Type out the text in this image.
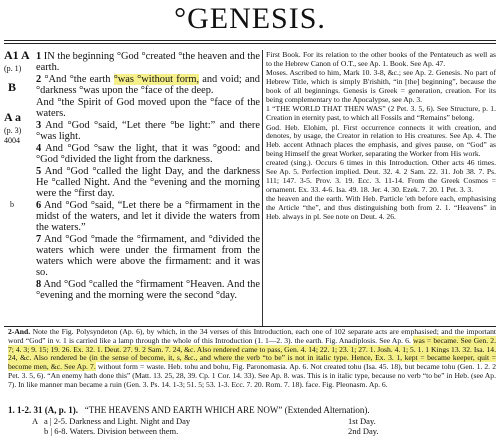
°GENESIS.
A1 A
(p. 1)
B
A a
(p. 3)
4004
b

1 IN the beginning °God °created °the heaven and the earth.

2 °And °the earth °was °without form, and void; and °darkness °was upon the °face of the deep.

And °the Spirit of God moved upon the °face of the waters.

3 And °God °said, “Let there °be light:” and there °was light.

4 And °God °saw the light, that it was °good: and °God °divided the light from the darkness.

5 And °God °called the light Day, and the darkness He °called Night. And the °evening and the morning were the °first day.

6 And °God °said, “Let there be a °firmament in the midst of the waters, and let it divide the waters from the waters.”

7 And °God °made the °firmament, and °divided the waters which were under the firmament from the waters which were above the firmament: and it was so.

8 And °God °called the °firmament °Heaven. And the °evening and the morning were the second °day.

First Book. For its relation to the other books of the Pentateuch as well as to the Hebrew Canon of O.T., see Ap. 1. Book. See Ap. 47.

Moses. Ascribed to him, Mark 10. 3-8, &c.; see Ap. 2. Genesis. No part of Hebrew Title, which is simply B'rishith, “in [the] beginning”, because the book of all beginnings. Genesis is Greek = generation, creation. For its being complementary to the Apocalypse, see Ap. 3.

1 “THE WORLD THAT THEN WAS” (2 Pet. 3. 5, 6). See Structure, p. 1. Creation in eternity past, to which all Fossils and “Remains” belong.

God. Heb. Elohim, pl. First occurrence connects it with creation, and denotes, by usage, the Creator in relation to His creatures. See Ap. 4. The Heb. accent Athnach places the emphasis, and gives pause, on “God” as being Himself the great Worker, separating the Worker from His work.

created (sing.). Occurs 6 times in this Introduction. Other acts 46 times. See Ap. 5. Perfection implied. Deut. 32. 4. 2 Sam. 22. 31. Job 38. 7. Ps. 111; 147. 3-5. Prov. 3. 19. Ecc. 3. 11-14. From the Greek Cosmos = ornament. Ex. 33. 4-6. Isa. 49. 18. Jer. 4. 30. Ezek. 7. 20. 1 Pet. 3. 3.

the heaven and the earth. With Heb. Particle 'eth before each, emphasising the Article “the”, and thus distinguishing both from 2. 1. “Heavens” in Heb. always in pl. See note on Deut. 4. 26.

2-And. Note the Fig. Polysyndeton (Ap. 6), by which, in the 34 verses of this Introduction, each one of 102 separate acts are emphasised; and the important word “God” in v. 1 is carried like a lamp through the whole of this Introduction (1. 1—2. 3). the earth. Fig. Anadiplosis. See Ap. 6. was = became. See Gen. 2. 7; 4. 3; 9. 15; 19. 26. Ex. 32. 1. Deut. 27. 9. 2 Sam. 7. 24, &c. Also rendered came to pass, Gen. 4. 14; 22. 1; 23. 1; 27. 1. Josh. 4. 1; 5. 1. 1 Kings 13. 32. Isa. 14. 24, &c. Also rendered be (in the sense of become, it, s, &c., and where the verb “to be” is not in italic type. Hence, Ex. 3. 1, kept = became keeper, quit = become men, &c. See Ap. 7. without form = waste. Heb. tohu and bohu, Fig. Paronomasia. Ap. 6. Not created tohu (Isa. 45. 18), but became tohu (Gen. 1. 2. 2 Pet. 3. 5, 6). “An enemy hath done this” (Matt. 13. 25, 28, 39. Cp. 1 Cor. 14. 33). See Ap. 8. was. This is in italic type, because no verb “to be” in Heb. (see Ap. 7). In like manner man became a ruin (Gen. 3. Ps. 14. 1-3; 51. 5; 53. 1-3. Ecc. 7. 20. Rom. 7. 18). face. Fig. Pleonasm. Ap. 6.
1. 1-2. 31 (A, p. 1). “THE HEAVENS AND EARTH WHICH ARE NOW” (Extended Alternation).
A a | 2-5. Darkness and Light. Night and Day	1st Day.
b | 6-8. Waters. Division between them.	2nd Day.
